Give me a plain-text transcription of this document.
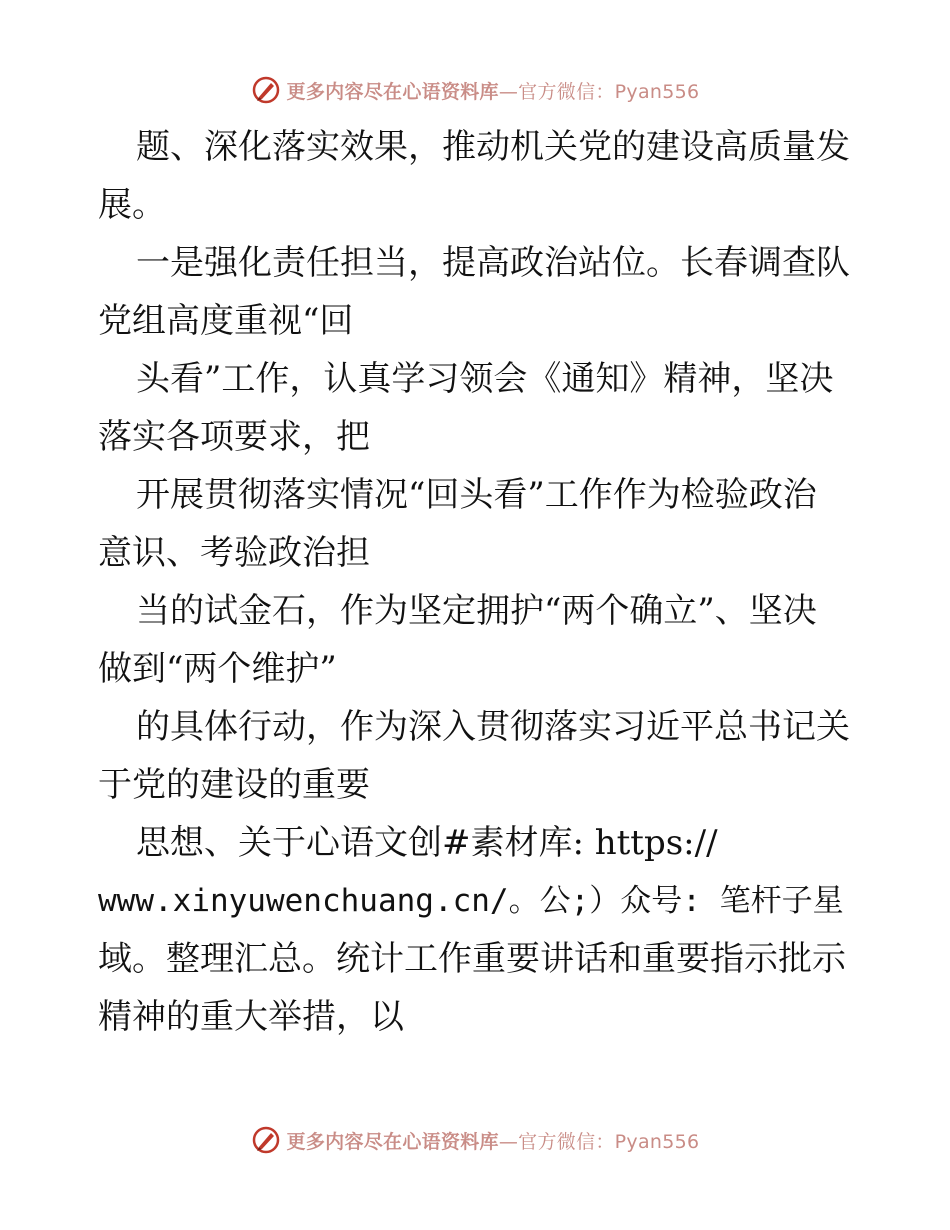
更多内容尽在心语资料库—官方微信：Pyan556
题、深化落实效果，推动机关党的建设高质量发
展。
一是强化责任担当，提高政治站位。长春调查队
党组高度重视“回
头看”工作，认真学习领会《通知》精神，坚决
落实各项要求，把
开展贯彻落实情况“回头看”工作作为检验政治
意识、考验政治担
当的试金石，作为坚定拥护“两个确立”、坚决
做到“两个维护”
的具体行动，作为深入贯彻落实习近平总书记关
于党的建设的重要
思想、关于心语文创#素材库: https://
www.xinyuwenchuang.cn/。公;）众号: 笔杆子星
域。整理汇总。统计工作重要讲话和重要指示批示
精神的重大举措，以
更多内容尽在心语资料库—官方微信：Pyan556
